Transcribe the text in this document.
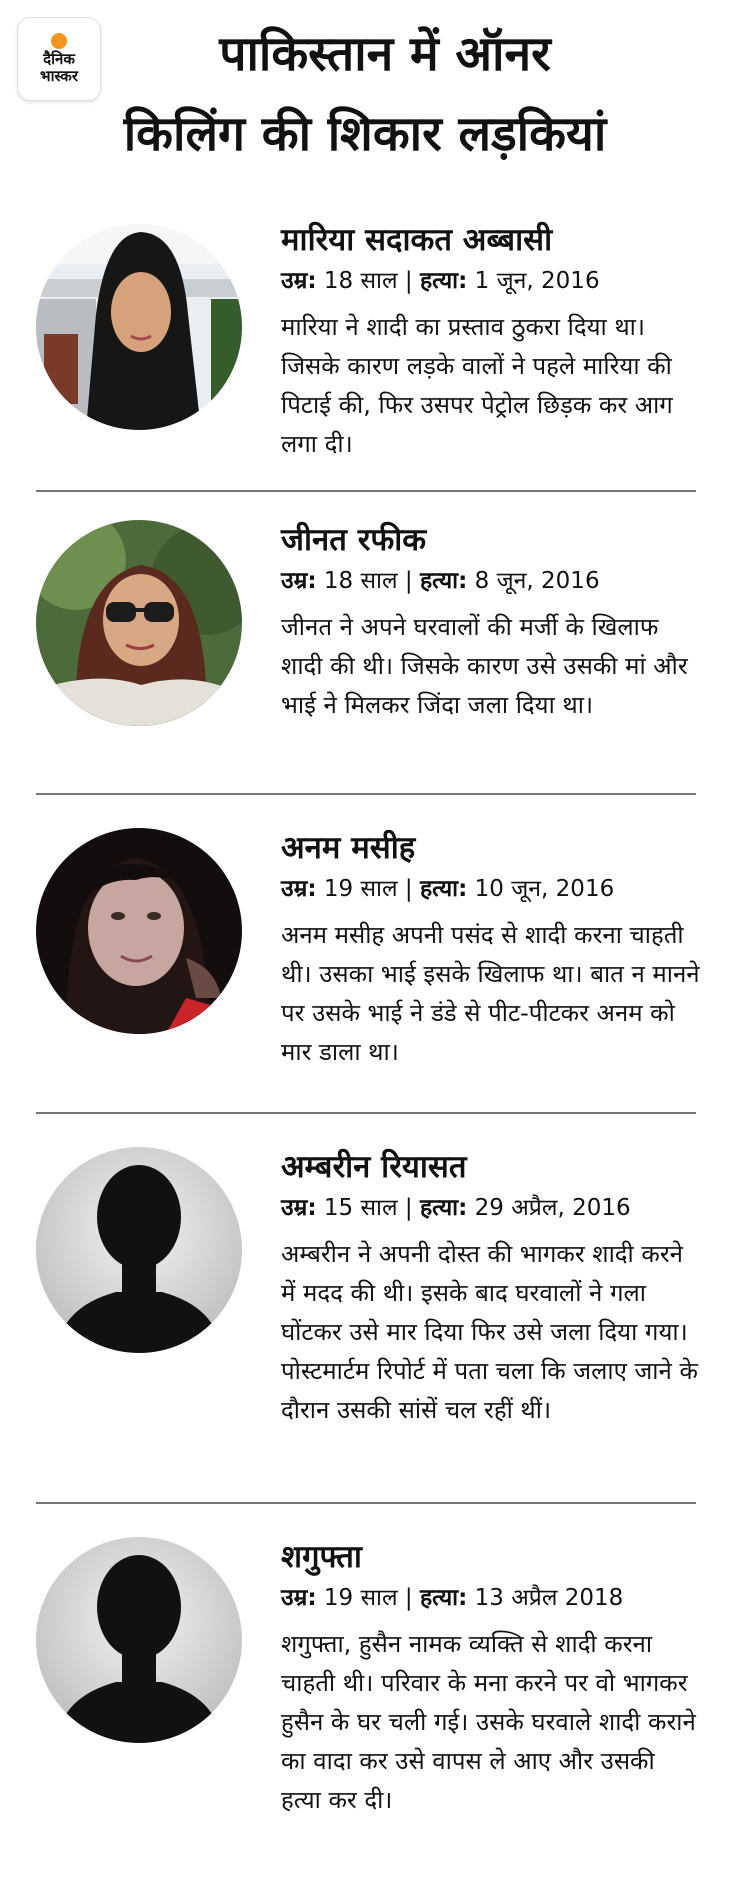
दैनिक
भास्कर	पाकिस्तान में ऑनर
किलिंग की शिकार लड़कियां
मारिया सदाकत अब्बासी
उम्र: 18 साल | हत्या: 1 जून, 2016
मारिया ने शादी का प्रस्ताव ठुकरा दिया था। जिसके कारण लड़के वालों ने पहले मारिया की पिटाई की, फिर उसपर पेट्रोल छिड़क कर आग लगा दी।
जीनत रफीक
उम्र: 18 साल | हत्या: 8 जून, 2016
जीनत ने अपने घरवालों की मर्जी के खिलाफ शादी की थी। जिसके कारण उसे उसकी मां और भाई ने मिलकर जिंदा जला दिया था।
अनम मसीह
उम्र: 19 साल | हत्या: 10 जून, 2016
अनम मसीह अपनी पसंद से शादी करना चाहती थी। उसका भाई इसके खिलाफ था। बात न मानने पर उसके भाई ने डंडे से पीट-पीटकर अनम को मार डाला था।
अम्बरीन रियासत
उम्र: 15 साल | हत्या: 29 अप्रैल, 2016
अम्बरीन ने अपनी दोस्त की भागकर शादी करने में मदद की थी। इसके बाद घरवालों ने गला घोंटकर उसे मार दिया फिर उसे जला दिया गया। पोस्टमार्टम रिपोर्ट में पता चला कि जलाए जाने के दौरान उसकी सांसें चल रहीं थीं।
शगुफ्ता
उम्र: 19 साल | हत्या: 13 अप्रैल 2018
शगुफ्ता, हुसैन नामक व्यक्ति से शादी करना चाहती थी। परिवार के मना करने पर वो भागकर हुसैन के घर चली गई। उसके घरवाले शादी कराने का वादा कर उसे वापस ले आए और उसकी हत्या कर दी।
